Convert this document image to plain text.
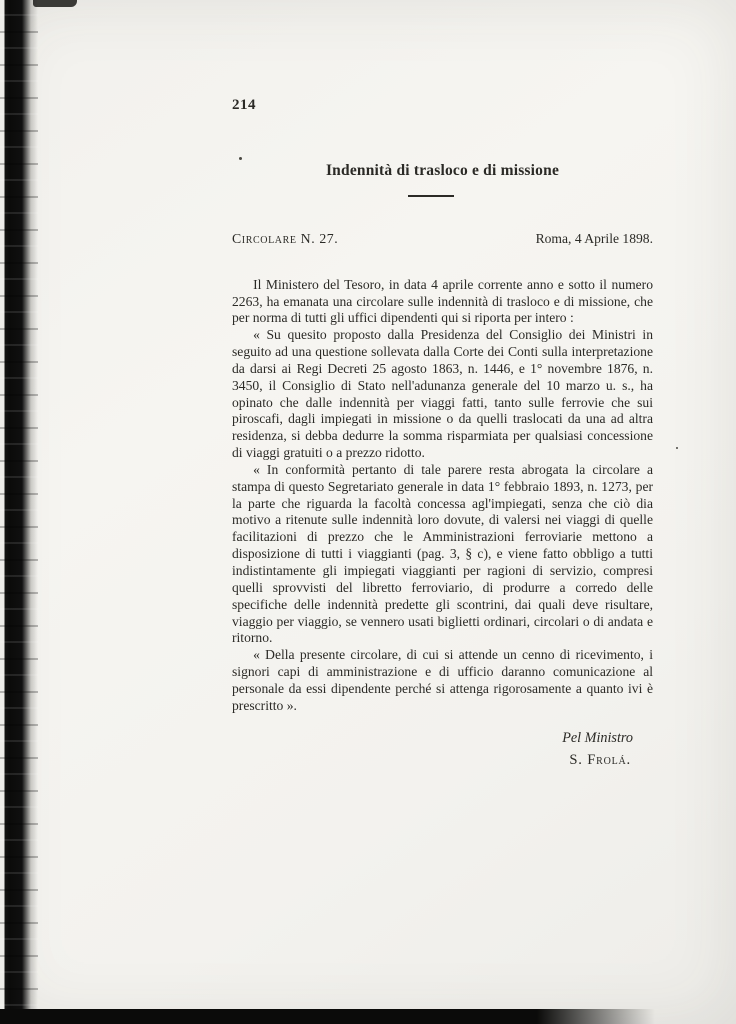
214
Indennità di trasloco e di missione
Circolare N. 27.	Roma, 4 Aprile 1898.

Il Ministero del Tesoro, in data 4 aprile corrente anno e sotto il numero 2263, ha emanata una circolare sulle indennità di trasloco e di missione, che per norma di tutti gli uffici dipendenti qui si riporta per intero :

« Su quesito proposto dalla Presidenza del Consiglio dei Ministri in seguito ad una questione sollevata dalla Corte dei Conti sulla interpretazione da darsi ai Regi Decreti 25 agosto 1863, n. 1446, e 1° novembre 1876, n. 3450, il Consiglio di Stato nell'adunanza generale del 10 marzo u. s., ha opinato che dalle indennità per viaggi fatti, tanto sulle ferrovie che sui piroscafi, dagli impiegati in missione o da quelli traslocati da una ad altra residenza, si debba dedurre la somma risparmiata per qualsiasi concessione di viaggi gratuiti o a prezzo ridotto.

« In conformità pertanto di tale parere resta abrogata la circolare a stampa di questo Segretariato generale in data 1° febbraio 1893, n. 1273, per la parte che riguarda la facoltà concessa agl'impiegati, senza che ciò dia motivo a ritenute sulle indennità loro dovute, di valersi nei viaggi di quelle facilitazioni di prezzo che le Amministrazioni ferroviarie mettono a disposizione di tutti i viaggianti (pag. 3, § c), e viene fatto obbligo a tutti indistintamente gli impiegati viaggianti per ragioni di servizio, compresi quelli sprovvisti del libretto ferroviario, di produrre a corredo delle specifiche delle indennità predette gli scontrini, dai quali deve risultare, viaggio per viaggio, se vennero usati biglietti ordinari, circolari o di andata e ritorno.

« Della presente circolare, di cui si attende un cenno di ricevimento, i signori capi di amministrazione e di ufficio daranno comunicazione al personale da essi dipendente perché si attenga rigorosamente a quanto ivi è prescritto ».

Pel Ministro
S. Frolá.
